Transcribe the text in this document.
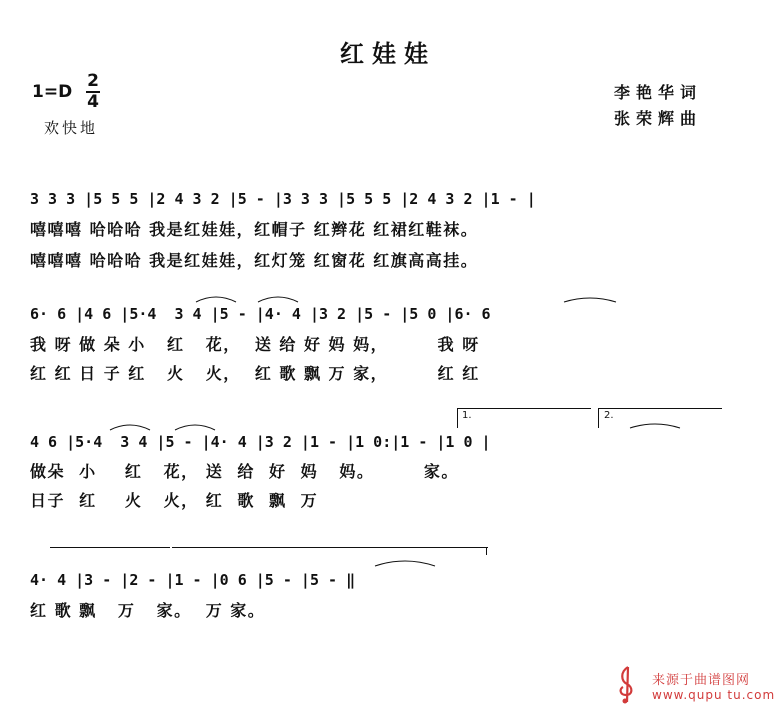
红娃娃
1=D
2
4
欢快地
李艳华词
张荣辉曲
3 3 3 |5 5 5 |2 4 3 2 |5 - |3 3 3 |5 5 5 |2 4 3 2 |1 - |
嘻嘻嘻 哈哈哈 我是红娃娃，红帽子 红辫花 红裙红鞋袜。
嘻嘻嘻 哈哈哈 我是红娃娃，红灯笼 红窗花 红旗高高挂。
6· 6 |4 6 |5·4  3 4 |5 - |4· 4 |3 2 |5 - |5 0 |6· 6
我 呀 做 朵 小   红   花，  送 给 好 妈 妈，       我 呀
红 红 日 子 红   火   火，  红 歌 飘 万 家，       红 红
1.	2.
4 6 |5·4  3 4 |5 - |4· 4 |3 2 |1 - |1 0:|1 - |1 0 |
做朵  小    红   花， 送  给  好  妈   妈。       家。
日子  红    火   火， 红  歌  飘  万
4· 4 |3 - |2 - |1 - |0 6 |5 - |5 - ‖
红 歌 飘   万   家。  万 家。
来源于曲谱图网
www.qupu tu.com
